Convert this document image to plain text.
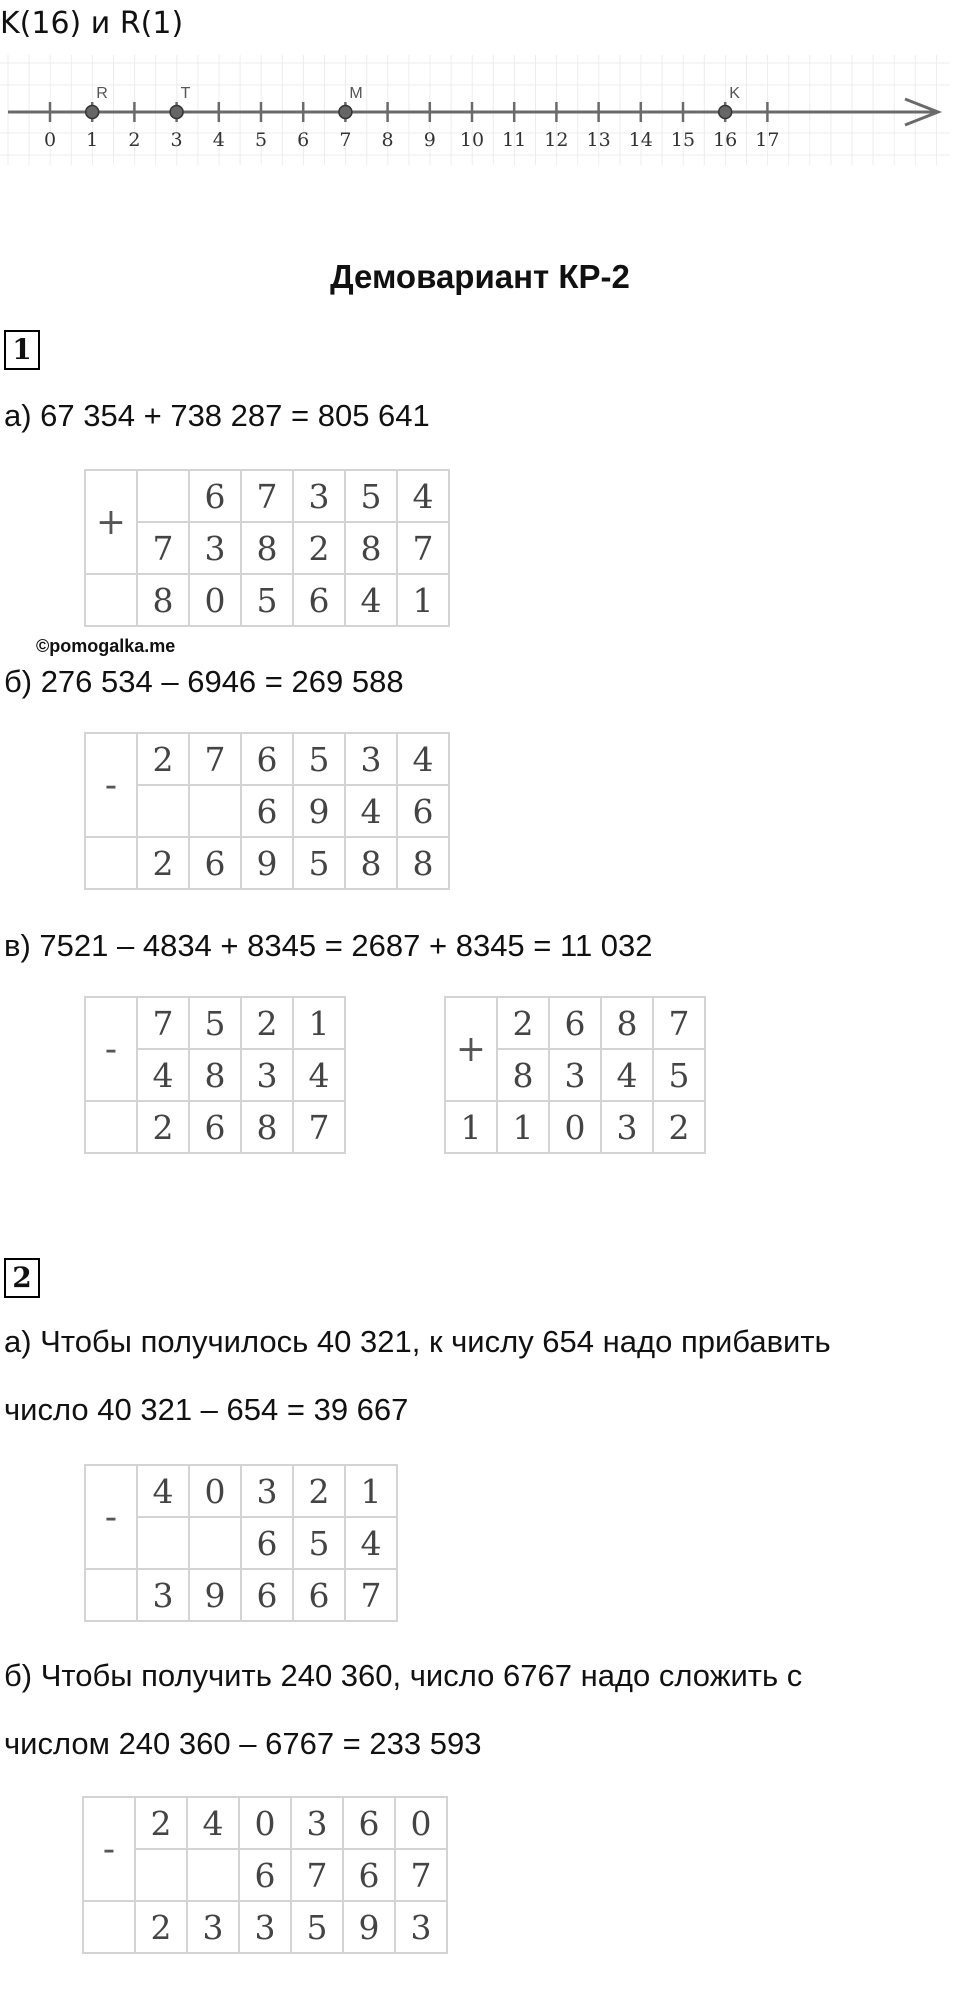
K(16) и R(1)
0 1 2 3 4 5 6 7 8 9 10 11 12 13 14 15 16 17
R	T	M	K
Демовариант КР-2
1
а) 67 354 + 738 287 = 805 641
+		6	7	3	5	4
	7	3	8	2	8	7
	8	0	5	6	4	1
©pomogalka.me
б) 276 534 – 6946 = 269 588
-	2	7	6	5	3	4
			6	9	4	6
	2	6	9	5	8	8
в) 7521 – 4834 + 8345 = 2687 + 8345 = 11 032
-	7	5	2	1
	4	8	3	4
	2	6	8	7
+	2	6	8	7
	8	3	4	5
1	1	0	3	2
2
а) Чтобы получилось 40 321, к числу 654 надо прибавить
число 40 321 – 654 = 39 667
-	4	0	3	2	1
			6	5	4
	3	9	6	6	7
б) Чтобы получить 240 360, число 6767 надо сложить с
числом 240 360 – 6767 = 233 593
-	2	4	0	3	6	0
			6	7	6	7
	2	3	3	5	9	3
